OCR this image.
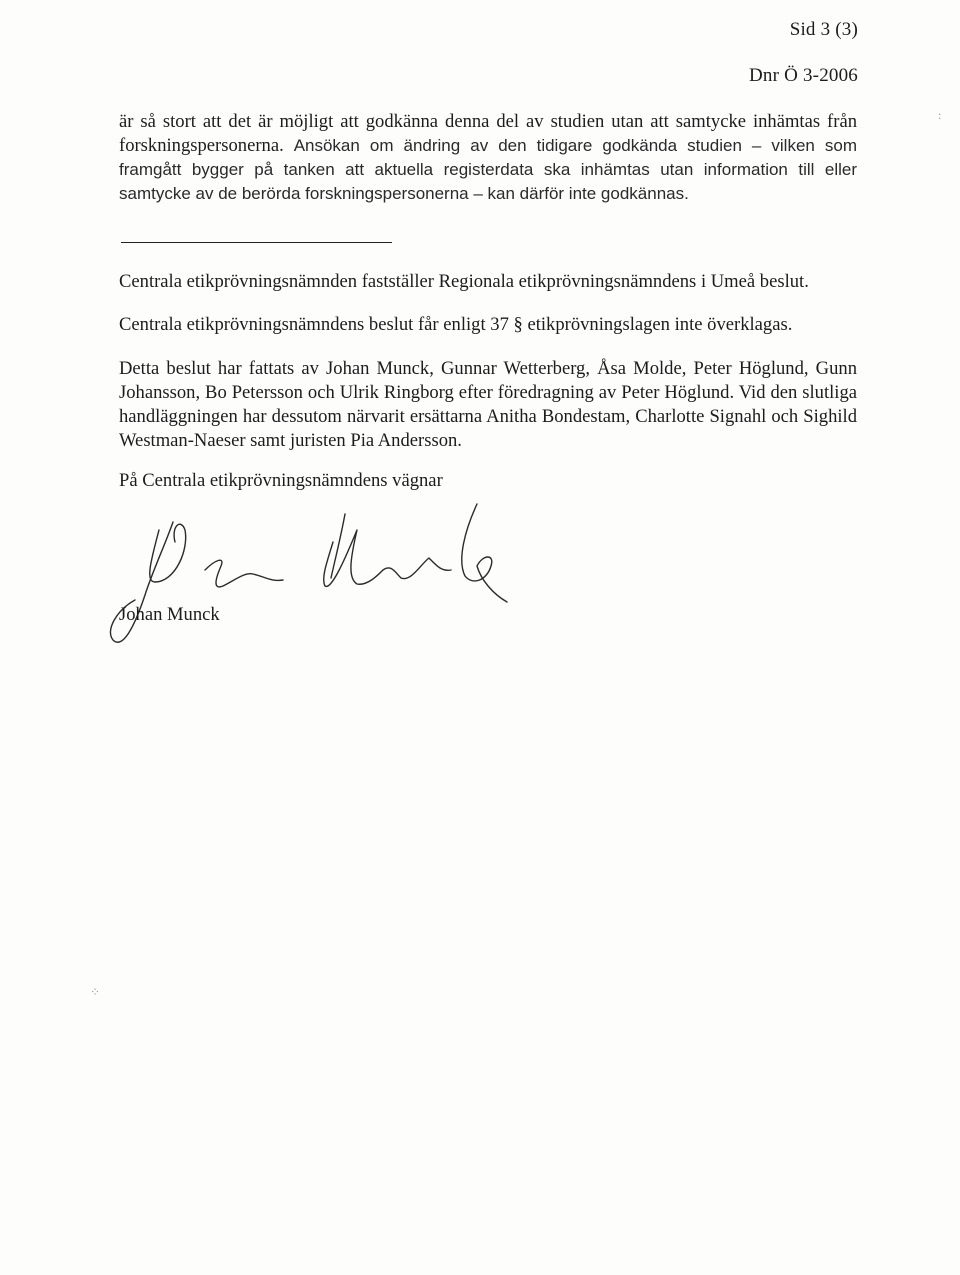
Sid 3 (3)
Dnr Ö 3-2006
är så stort att det är möjligt att godkänna denna del av studien utan att samtycke inhämtas från forskningspersonerna. Ansökan om ändring av den tidigare godkända studien – vilken som framgått bygger på tanken att aktuella registerdata ska inhämtas utan information till eller samtycke av de berörda forskningspersonerna – kan därför inte godkännas.
Centrala etikprövningsnämnden fastställer Regionala etikprövningsnämndens i Umeå beslut.
Centrala etikprövningsnämndens beslut får enligt 37 § etikprövningslagen inte överklagas.
Detta beslut har fattats av Johan Munck, Gunnar Wetterberg, Åsa Molde, Peter Höglund, Gunn Johansson, Bo Petersson och Ulrik Ringborg efter föredragning av Peter Höglund. Vid den slutliga handläggningen har dessutom närvarit ersättarna Anitha Bondestam, Charlotte Signahl och Sighild Westman-Naeser samt juristen Pia Andersson.
På Centrala etikprövningsnämndens vägnar
Johan Munck
:
⁘
